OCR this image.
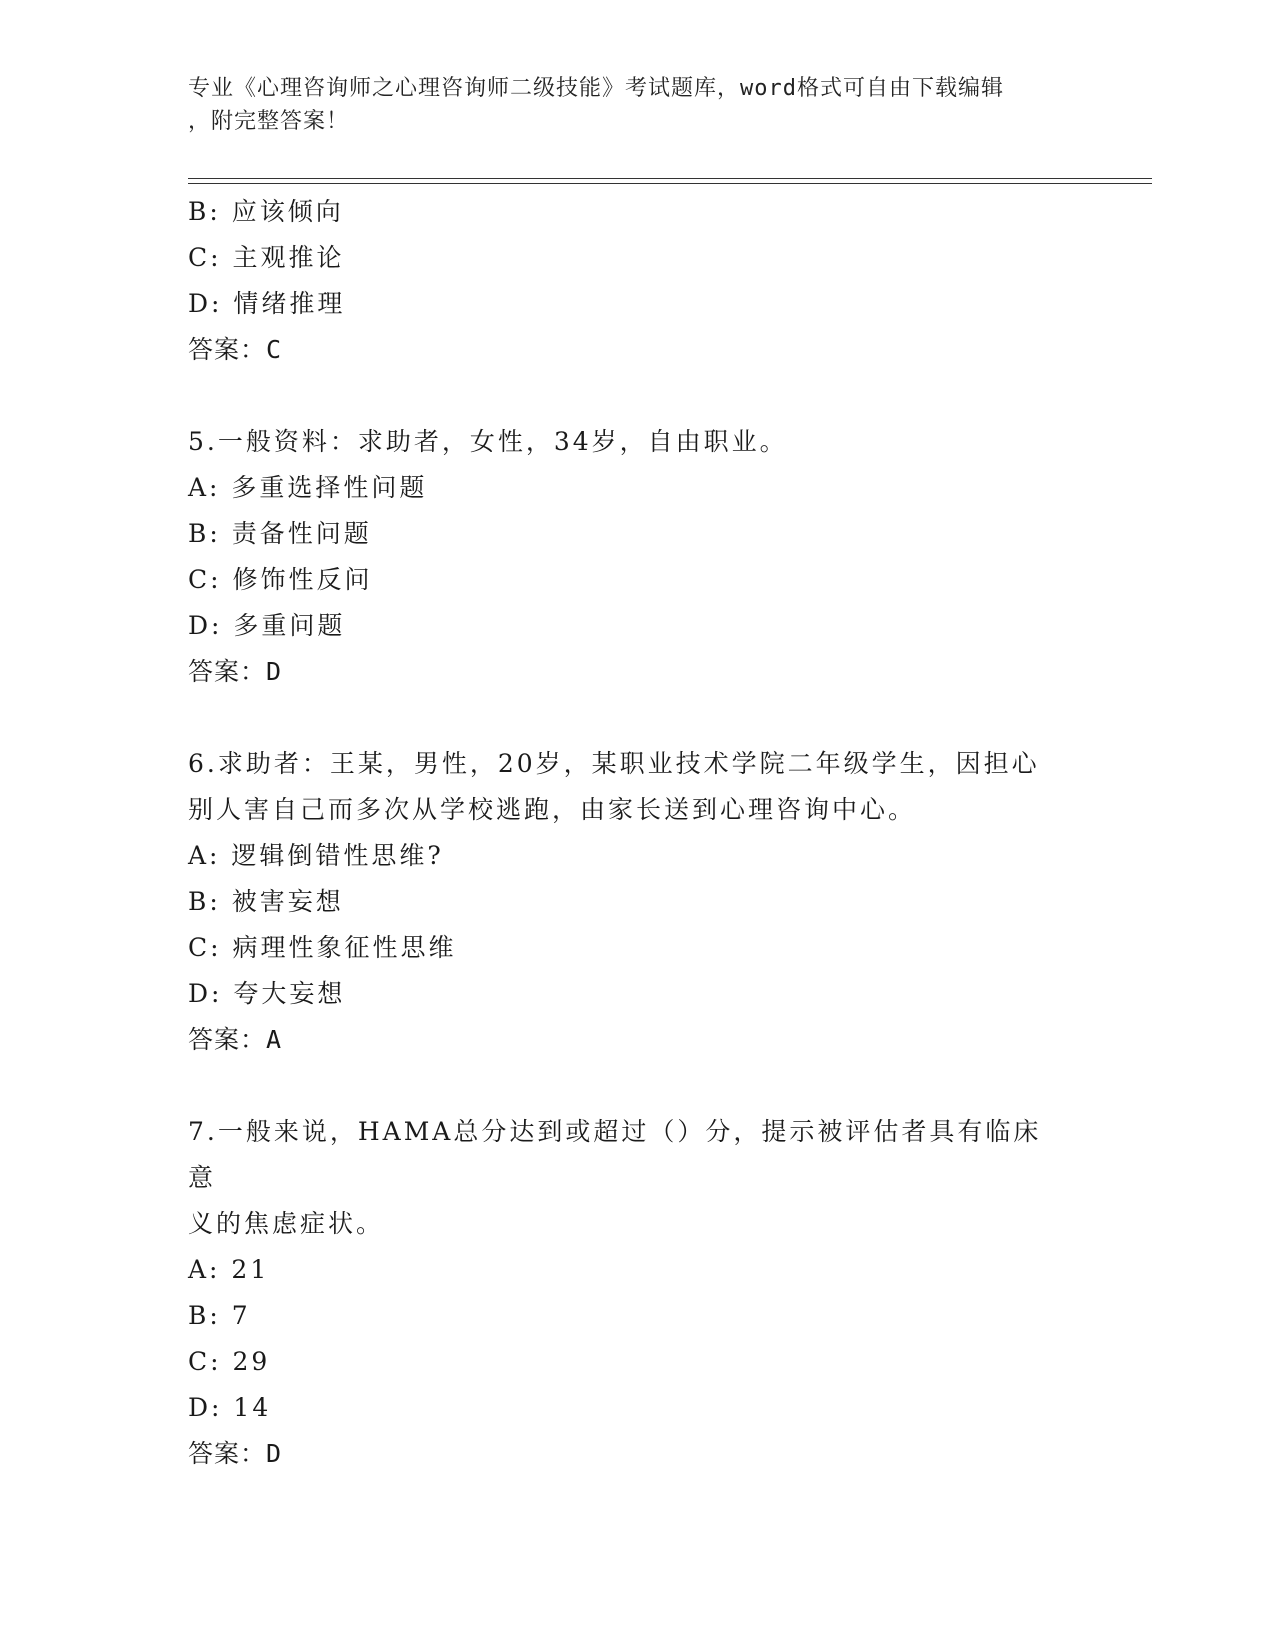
专业《心理咨询师之心理咨询师二级技能》考试题库，word格式可自由下载编辑
，附完整答案！
B: 应该倾向
C: 主观推论
D: 情绪推理
答案：C
5.一般资料：求助者，女性，34岁，自由职业。
A: 多重选择性问题
B: 责备性问题
C: 修饰性反问
D: 多重问题
答案：D
6.求助者：王某，男性，20岁，某职业技术学院二年级学生，因担心
别人害自己而多次从学校逃跑，由家长送到心理咨询中心。
A: 逻辑倒错性思维?
B: 被害妄想
C: 病理性象征性思维
D: 夸大妄想
答案：A
7.一般来说，HAMA总分达到或超过（）分，提示被评估者具有临床意
义的焦虑症状。
A: 21
B: 7
C: 29
D: 14
答案：D
